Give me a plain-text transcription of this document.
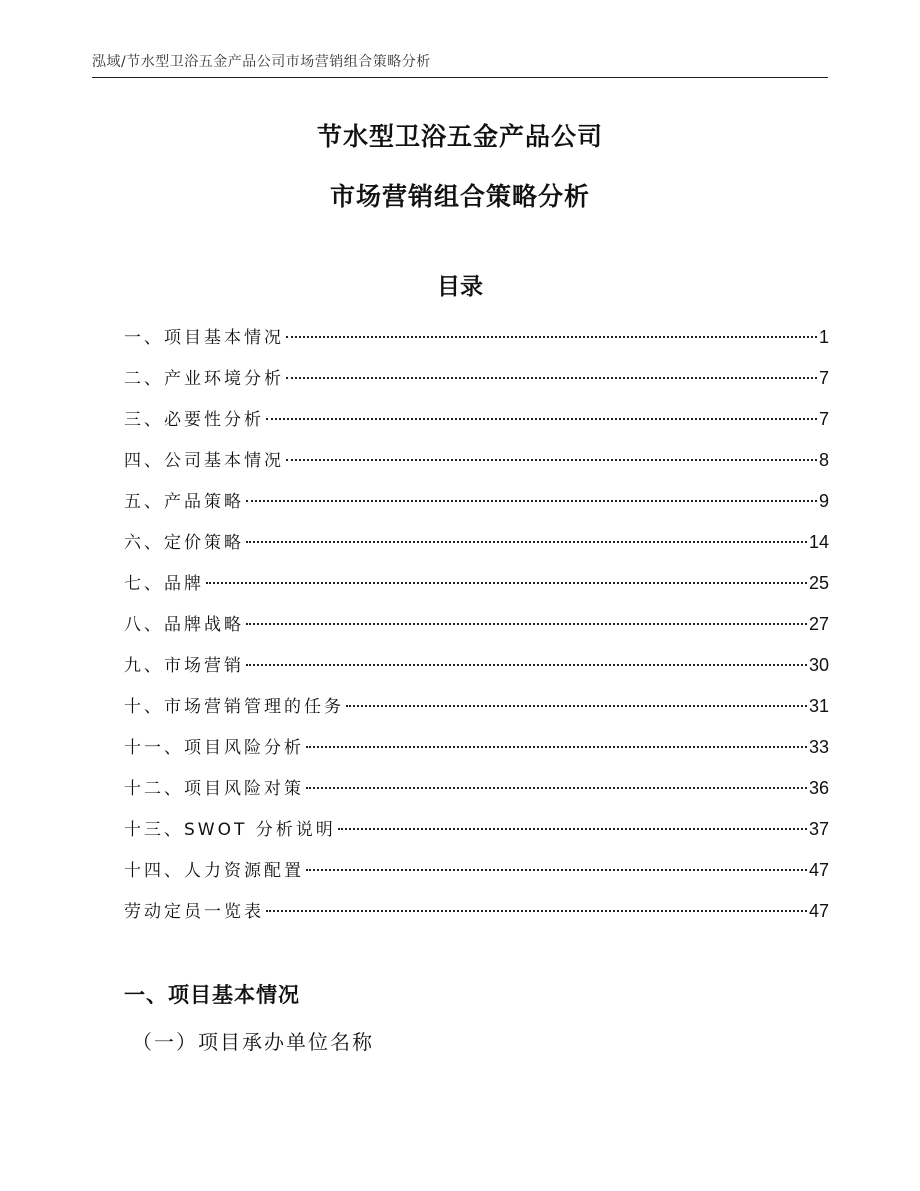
泓域/节水型卫浴五金产品公司市场营销组合策略分析
节水型卫浴五金产品公司
市场营销组合策略分析
目录
一、 项目基本情况	1
二、 产业环境分析	7
三、 必要性分析	7
四、 公司基本情况	8
五、 产品策略	9
六、 定价策略	14
七、 品牌	25
八、 品牌战略	27
九、 市场营销	30
十、 市场营销管理的任务	31
十一、 项目风险分析	33
十二、 项目风险对策	36
十三、 SWOT 分析说明	37
十四、 人力资源配置	47
劳动定员一览表	47
一、项目基本情况
（一）项目承办单位名称
